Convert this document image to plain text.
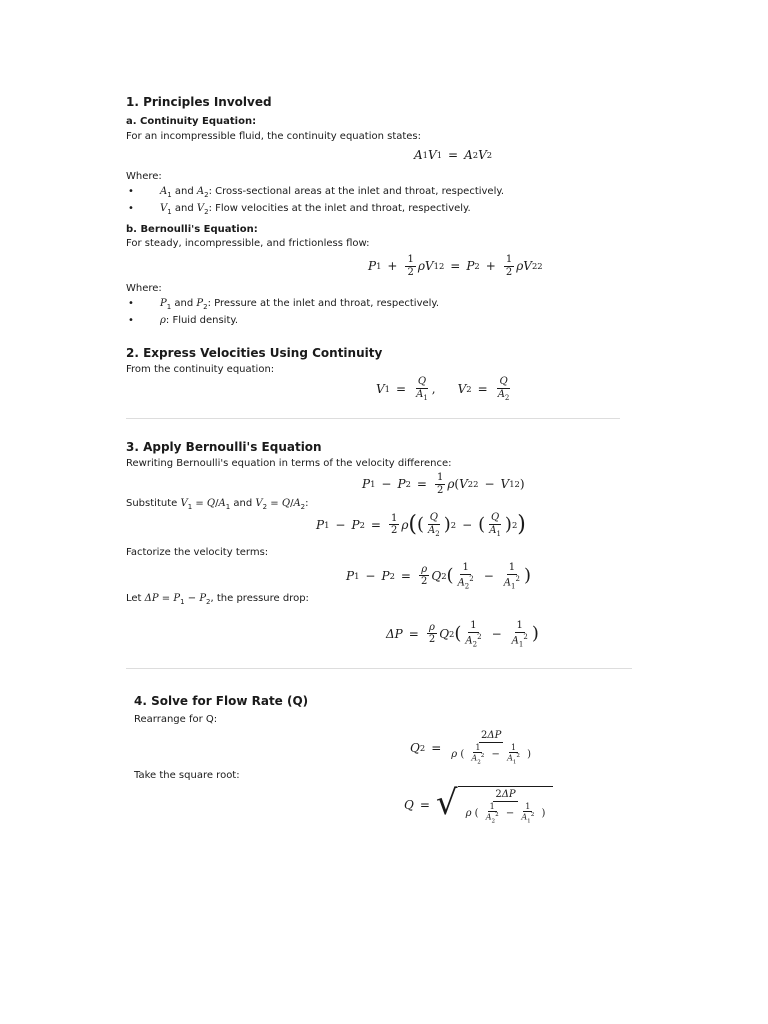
1. Principles Involved
a. Continuity Equation:
For an incompressible fluid, the continuity equation states:
A 1 V 1 = A 2 V 2
Where:
• $A_1$ and $A_2$: Cross-sectional areas at the inlet and throat, respectively.
• $V_1$ and $V_2$: Flow velocities at the inlet and throat, respectively.
b. Bernoulli's Equation:
For steady, incompressible, and frictionless flow:
P $1 + \frac{1}{2}$ ρV 1 2 = P $2 + \frac{1}{2}$ ρV 2 2
Where:
• $P_1$ and $P_2$: Pressure at the inlet and throat, respectively.
• ρ: Fluid density.
2. Express Velocities Using Continuity
From the continuity equation:
V $1 = \frac{Q}{A_1}$ , V $2 = \frac{Q}{A_2}$
3. Apply Bernoulli's Equation
Rewriting Bernoulli's equation in terms of the velocity difference:
P 1 − P $2 = \frac{1}{2}$ ρ ( V 2 2 − V 1 2 )
Substitute $V_1 = Q/A_1$ and $V_2 = Q/A_2$:
P 1 − P $2 = \frac{1}{2}$ ρ ( ( $\frac{Q}{A_2}$ ) 2 − ( $\frac{Q}{A_1}$ ) 2 )
Factorize the velocity terms:
P 1 − P $2 = \frac{\rho}{2}$ Q 2 ( $\frac{1}{A_2^2} - \frac{1}{A_1^2}$ )
Let $\Delta P = P_1 - P_2$, the pressure drop:
$\Delta P = \frac{\rho}{2}$ Q 2 ( $\frac{1}{A_2^2} - \frac{1}{A_1^2}$ )
4. Solve for Flow Rate (Q)
Rearrange for Q:
Q $2 = \frac{2\Delta P}{\rho ( \frac{1}{A_2^2} - \frac{1}{A_1^2} )}$
Take the square root:
Q = √	2ΔP
ρ ( $\frac{1}{A_2^2} - \frac{1}{A_1^2}$ )
